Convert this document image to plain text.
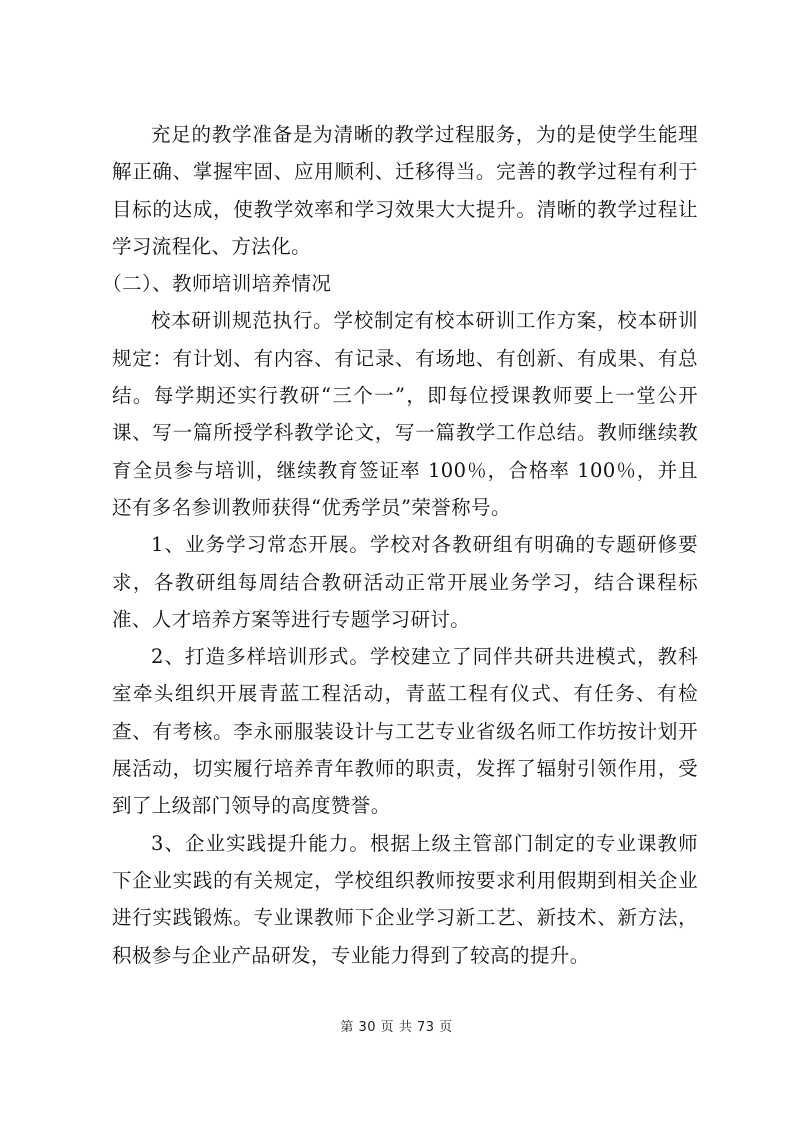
充足的教学准备是为清晰的教学过程服务，为的是使学生能理解正确、掌握牢固、应用顺利、迁移得当。完善的教学过程有利于目标的达成，使教学效率和学习效果大大提升。清晰的教学过程让学习流程化、方法化。

（二）、教师培训培养情况

校本研训规范执行。学校制定有校本研训工作方案，校本研训规定：有计划、有内容、有记录、有场地、有创新、有成果、有总结。每学期还实行教研“三个一”，即每位授课教师要上一堂公开课、写一篇所授学科教学论文，写一篇教学工作总结。教师继续教育全员参与培训，继续教育签证率 100％，合格率 100％，并且还有多名参训教师获得“优秀学员”荣誉称号。

1、业务学习常态开展。学校对各教研组有明确的专题研修要求，各教研组每周结合教研活动正常开展业务学习，结合课程标准、人才培养方案等进行专题学习研讨。

2、打造多样培训形式。学校建立了同伴共研共进模式，教科室牵头组织开展青蓝工程活动，青蓝工程有仪式、有任务、有检查、有考核。李永丽服装设计与工艺专业省级名师工作坊按计划开展活动，切实履行培养青年教师的职责，发挥了辐射引领作用，受到了上级部门领导的高度赞誉。

3、企业实践提升能力。根据上级主管部门制定的专业课教师下企业实践的有关规定，学校组织教师按要求利用假期到相关企业进行实践锻炼。专业课教师下企业学习新工艺、新技术、新方法，积极参与企业产品研发，专业能力得到了较高的提升。

第 30 页 共 73 页
